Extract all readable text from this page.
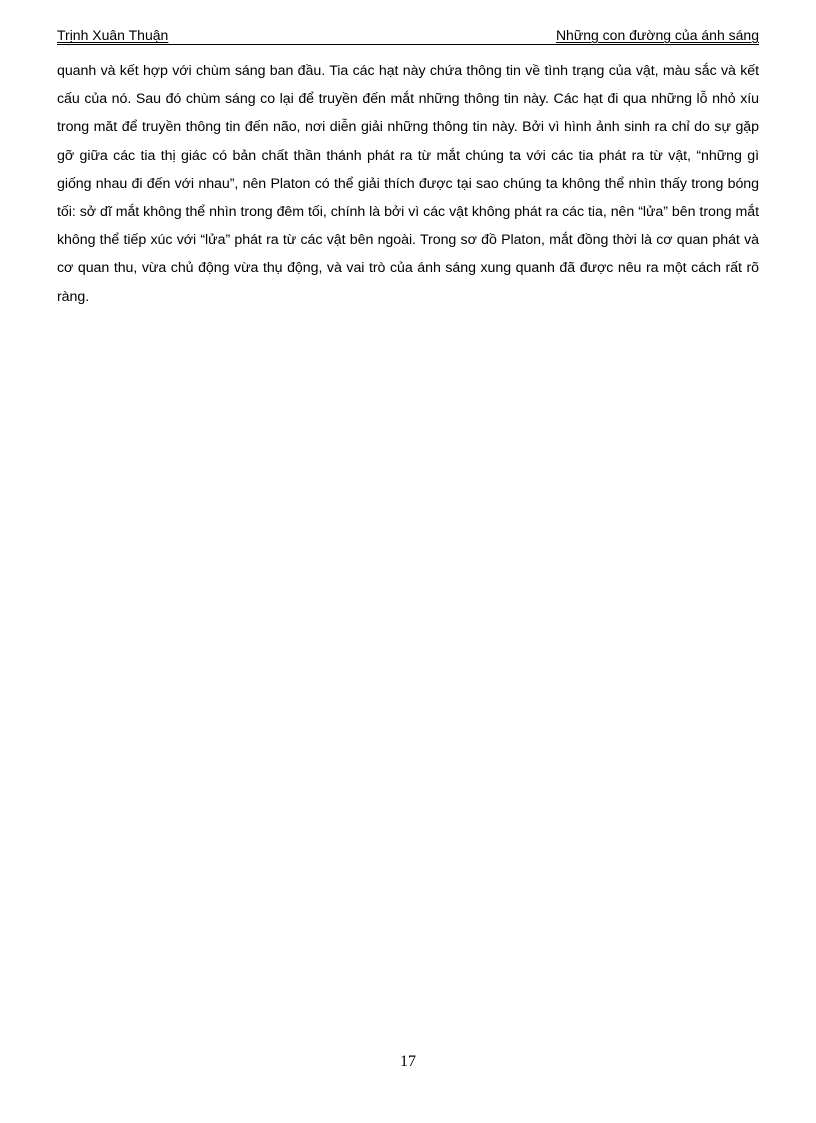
Trịnh Xuân Thuận	Những con đường của ánh sáng

quanh và kết hợp với chùm sáng ban đầu. Tia các hạt này chứa thông tin về tình trạng của vật, màu sắc và kết cấu của nó. Sau đó chùm sáng co lại để truyền đến mắt những thông tin này. Các hạt đi qua những lỗ nhỏ xíu trong măt để truyền thông tin đến não, nơi diễn giải những thông tin này. Bởi vì hình ảnh sinh ra chỉ do sự gặp gỡ giữa các tia thị giác có bản chất thần thánh phát ra từ mắt chúng ta với các tia phát ra từ vật, “những gì giống nhau đi đến với nhau”, nên Platon có thể giải thích được tại sao chúng ta không thể nhìn thấy trong bóng tối: sở dĩ mắt không thể nhìn trong đêm tối, chính là bởi vì các vật không phát ra các tia, nên “lửa” bên trong mắt không thể tiếp xúc với “lửa” phát ra từ các vật bên ngoài. Trong sơ đồ Platon, mắt đồng thời là cơ quan phát và cơ quan thu, vừa chủ động vừa thụ động, và vai trò của ánh sáng xung quanh đã được nêu ra một cách rất rõ ràng.

17
